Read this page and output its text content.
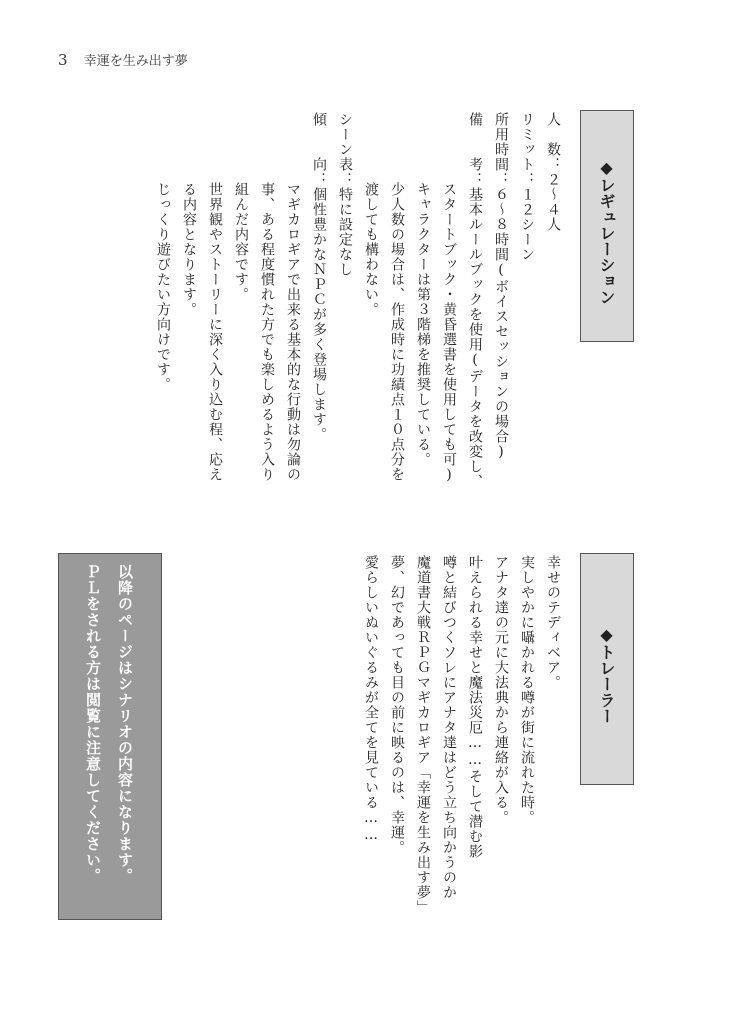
3 幸運を生み出す夢
◆レギュレーション
人　数：２～４人
リミット：１２シーン
所用時間：６～８時間(ボイスセッションの場合)
備　　考：基本ルールブックを使用(データを改変し、
スタートブック・黄昏選書を使用しても可)
キャラクターは第３階梯を推奨している。
少人数の場合は、作成時に功績点１０点分を
渡しても構わない。
シーン表：特に設定なし
傾　　向：個性豊かなＮＰＣが多く登場します。
マギカロギアで出来る基本的な行動は勿論の
事、ある程度慣れた方でも楽しめるよう入り
組んだ内容です。
世界観やストーリーに深く入り込む程、応え
る内容となります。
じっくり遊びたい方向けです。
◆トレーラー
幸せのテディベア。
実しやかに囁かれる噂が街に流れた時。
アナタ達の元に大法典から連絡が入る。
叶えられる幸せと魔法災厄……そして潜む影
噂と結びつくソレにアナタ達はどう立ち向かうのか
魔道書大戦ＲＰＧマギカロギア「幸運を生み出す夢」
夢、幻であっても目の前に映るのは、幸運。
愛らしいぬいぐるみが全てを見ている……
以降のページはシナリオの内容になります。
ＰＬをされる方は閲覧に注意してください。
